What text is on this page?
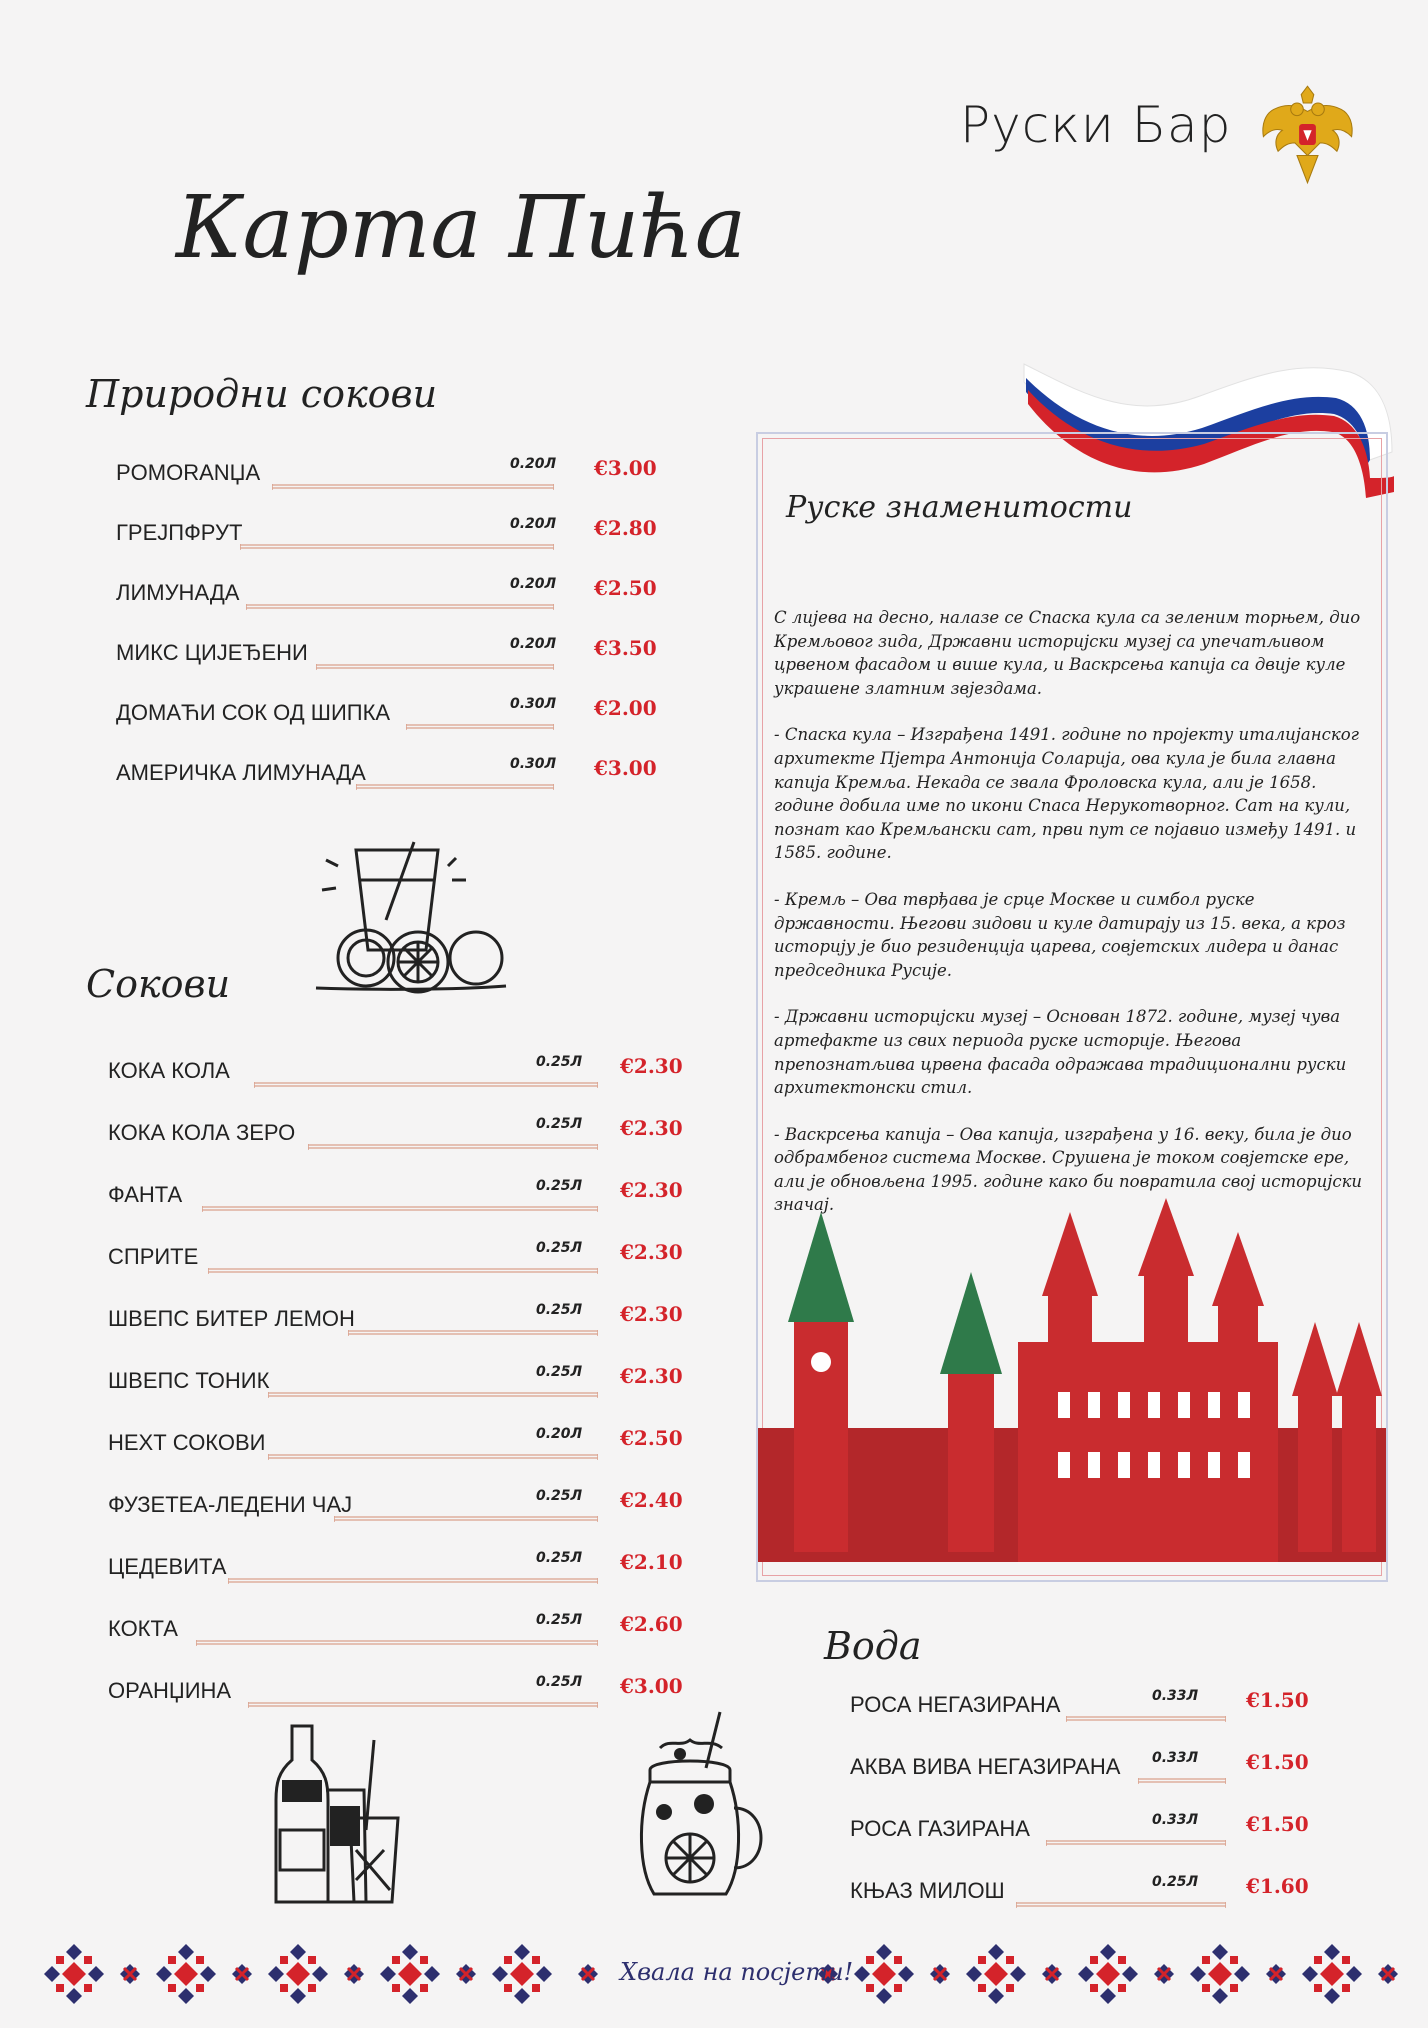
Руски Бар
Карта Пића
Природни сокови
POMORANЏA	0.20Л €3.00
ГРЕЈПФРУТ	0.20Л €2.80
ЛИМУНАДА	0.20Л €2.50
МИКС ЦИЈЕЂЕНИ	0.20Л €3.50
ДОМАЋИ СОК ОД ШИПКА	0.30Л €2.00
АМЕРИЧКА ЛИМУНАДА	0.30Л €3.00
Сокови
КОКА КОЛА	0.25Л €2.30
КОКА КОЛА ЗЕРО	0.25Л €2.30
ФАНТА	0.25Л €2.30
СПРИТЕ	0.25Л €2.30
ШВЕПС БИТЕР ЛЕМОН	0.25Л €2.30
ШВЕПС ТОНИК	0.25Л €2.30
НЕХТ СОКОВИ	0.20Л €2.50
ФУЗЕТЕА-ЛЕДЕНИ ЧАЈ	0.25Л €2.40
ЦЕДЕВИТА	0.25Л €2.10
КОКТА	0.25Л €2.60
ОРАНЏИНА	0.25Л €3.00
Руске знаменитости

С лијева на десно, налазе се Спаска кула са зеленим торњем, дио Кремљовог зида, Државни историјски музеј са упечатљивом црвеном фасадом и више кула, и Васкрсења капија са двије куле украшене златним звјездама.

- Спаска кула – Изграђена 1491. године по пројекту италијанског архитекте Пјетра Антонија Соларија, ова кула је била главна капија Кремља. Некада се звала Фроловска кула, али је 1658. године добила име по икони Спаса Нерукотворног. Сат на кули, познат као Кремљански сат, први пут се појавио између 1491. и 1585. године.

- Кремљ – Ова тврђава је срце Москве и симбол руске државности. Његови зидови и куле датирају из 15. века, а кроз историју је био резиденција царева, совјетских лидера и данас председника Русије.

- Државни историјски музеј – Основан 1872. године, музеј чува артефакте из свих периода руске историје. Његова препознатљива црвена фасада одражава традиционални руски архитектонски стил.

- Васкрсења капија – Ова капија, изграђена у 16. веку, била је дио одбрамбеног система Москве. Срушена је током совјетске ере, али је обновљена 1995. године како би повратила свој историјски значај.

Вода
РОСА НЕГАЗИРАНА	0.33Л €1.50
АКВА ВИВА НЕГАЗИРАНА 0.33Л €1.50
РОСА ГАЗИРАНА	0.33Л €1.50
КЊАЗ МИЛОШ	0.25Л €1.60
Хвала на посјети!
